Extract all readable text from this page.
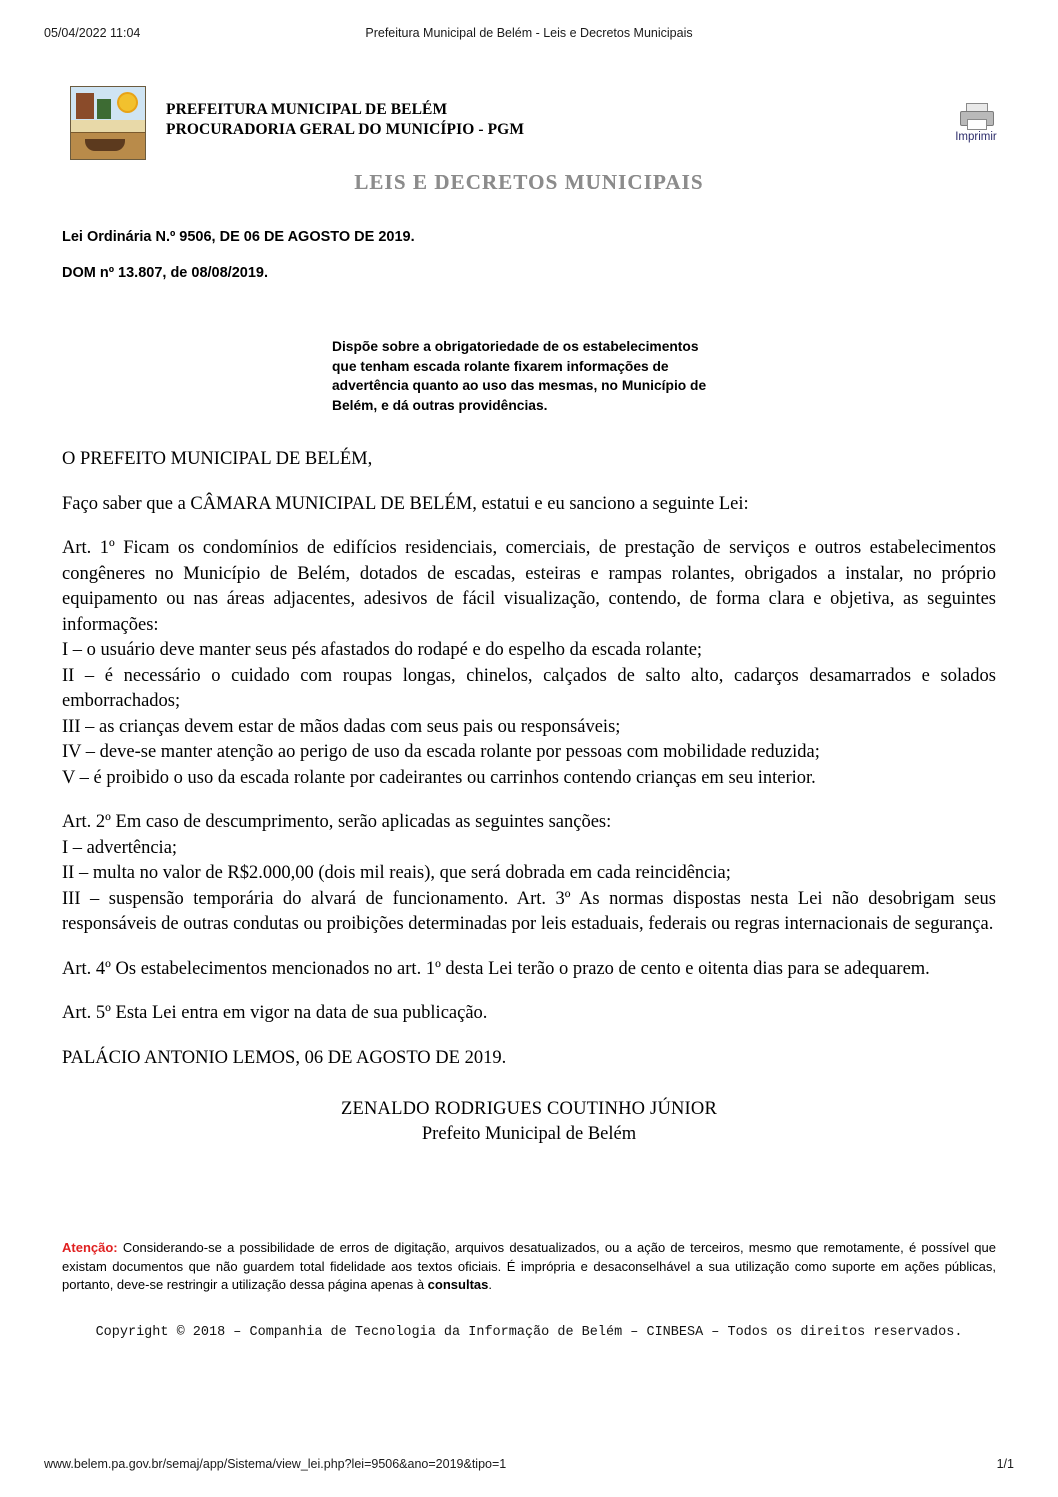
05/04/2022 11:04	Prefeitura Municipal de Belém - Leis e Decretos Municipais
PREFEITURA MUNICIPAL DE BELÉM
PROCURADORIA GERAL DO MUNICÍPIO - PGM	Imprimir
LEIS E DECRETOS MUNICIPAIS
Lei Ordinária N.º 9506, DE 06 DE AGOSTO DE 2019.
DOM nº 13.807, de 08/08/2019.
Dispõe sobre a obrigatoriedade de os estabelecimentos que tenham escada rolante fixarem informações de advertência quanto ao uso das mesmas, no Município de Belém, e dá outras providências.

O PREFEITO MUNICIPAL DE BELÉM,

Faço saber que a CÂMARA MUNICIPAL DE BELÉM, estatui e eu sanciono a seguinte Lei:

Art. 1º Ficam os condomínios de edifícios residenciais, comerciais, de prestação de serviços e outros estabelecimentos congêneres no Município de Belém, dotados de escadas, esteiras e rampas rolantes, obrigados a instalar, no próprio equipamento ou nas áreas adjacentes, adesivos de fácil visualização, contendo, de forma clara e objetiva, as seguintes informações:
I – o usuário deve manter seus pés afastados do rodapé e do espelho da escada rolante;
II – é necessário o cuidado com roupas longas, chinelos, calçados de salto alto, cadarços desamarrados e solados emborrachados;
III – as crianças devem estar de mãos dadas com seus pais ou responsáveis;
IV – deve-se manter atenção ao perigo de uso da escada rolante por pessoas com mobilidade reduzida;
V – é proibido o uso da escada rolante por cadeirantes ou carrinhos contendo crianças em seu interior.
Art. 2º Em caso de descumprimento, serão aplicadas as seguintes sanções:
I – advertência;
II – multa no valor de R$2.000,00 (dois mil reais), que será dobrada em cada reincidência;
III – suspensão temporária do alvará de funcionamento. Art. 3º As normas dispostas nesta Lei não desobrigam seus responsáveis de outras condutas ou proibições determinadas por leis estaduais, federais ou regras internacionais de segurança.

Art. 4º Os estabelecimentos mencionados no art. 1º desta Lei terão o prazo de cento e oitenta dias para se adequarem.

Art. 5º Esta Lei entra em vigor na data de sua publicação.

PALÁCIO ANTONIO LEMOS, 06 DE AGOSTO DE 2019.

ZENALDO RODRIGUES COUTINHO JÚNIOR
Prefeito Municipal de Belém
Atenção: Considerando-se a possibilidade de erros de digitação, arquivos desatualizados, ou a ação de terceiros, mesmo que remotamente, é possível que existam documentos que não guardem total fidelidade aos textos oficiais. É imprópria e desaconselhável a sua utilização como suporte em ações públicas, portanto, deve-se restringir a utilização dessa página apenas à consultas.
Copyright © 2018 – Companhia de Tecnologia da Informação de Belém – CINBESA – Todos os direitos reservados.
www.belem.pa.gov.br/semaj/app/Sistema/view_lei.php?lei=9506&ano=2019&tipo=1	1/1
